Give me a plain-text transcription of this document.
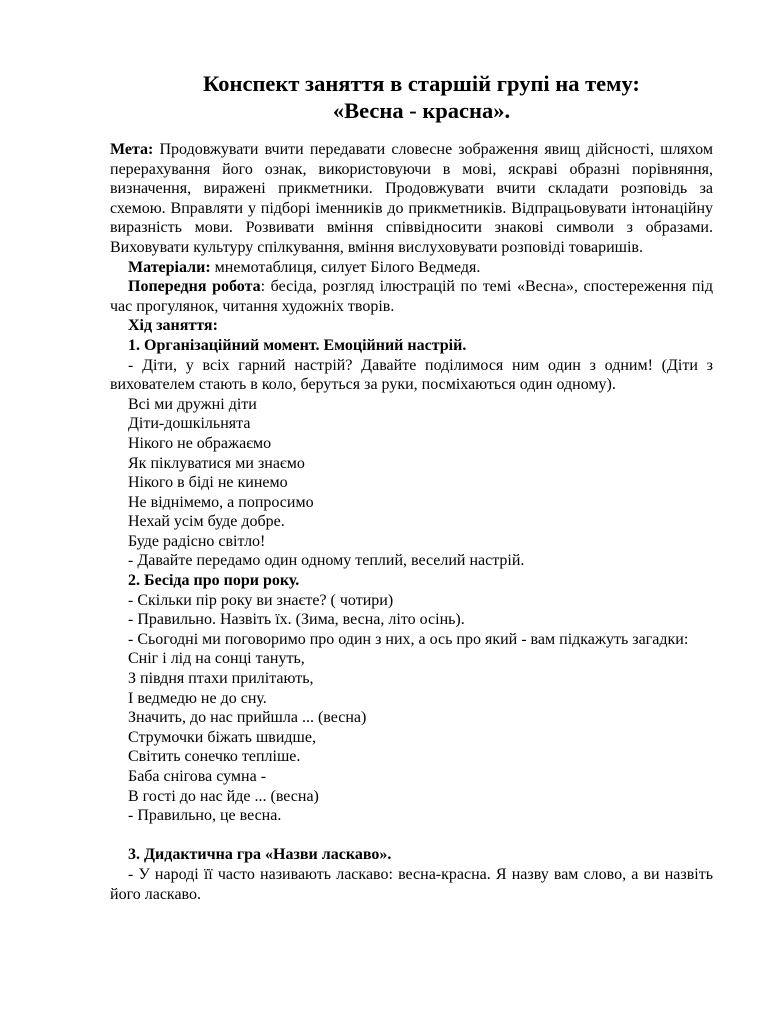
Конспект заняття в старшій групі на тему:
«Весна - красна».

Мета: Продовжувати вчити передавати словесне зображення явищ дійсності, шляхом перерахування його ознак, використовуючи в мові, яскраві образні порівняння, визначення, виражені прикметники. Продовжувати вчити складати розповідь за схемою. Вправляти у підборі іменників до прикметників. Відпрацьовувати інтонаційну виразність мови. Розвивати вміння співвідносити знакові символи з образами. Виховувати культуру спілкування, вміння вислуховувати розповіді товаришів.

Матеріали: мнемотаблиця, силует Білого Ведмедя.

Попередня робота: бесіда, розгляд ілюстрацій по темі «Весна», спостереження під час прогулянок, читання художніх творів.

Хід заняття:

1. Організаційний момент. Емоційний настрій.

- Діти, у всіх гарний настрій? Давайте поділимося ним один з одним! (Діти з вихователем стають в коло, беруться за руки, посміхаються один одному).

Всі ми дружні діти

Діти-дошкільнята

Нікого не ображаємо

Як піклуватися ми знаємо

Нікого в біді не кинемо

Не віднімемо, а попросимо

Нехай усім буде добре.

Буде радісно світло!

- Давайте передамо один одному теплий, веселий настрій.

2. Бесіда про пори року.

- Скільки пір року ви знаєте? ( чотири)

- Правильно. Назвіть їх. (Зима, весна, літо осінь).

- Сьогодні ми поговоримо про один з них, а ось про який - вам підкажуть загадки:

Сніг і лід на сонці тануть,

З півдня птахи прилітають,

І ведмедю не до сну.

Значить, до нас прийшла ... (весна)

Струмочки біжать швидше,

Світить сонечко тепліше.

Баба снігова сумна -

В гості до нас йде ... (весна)

- Правильно, це весна.

3. Дидактична гра «Назви ласкаво».

- У народі її часто називають ласкаво: весна-красна. Я назву вам слово, а ви назвіть його ласкаво.
